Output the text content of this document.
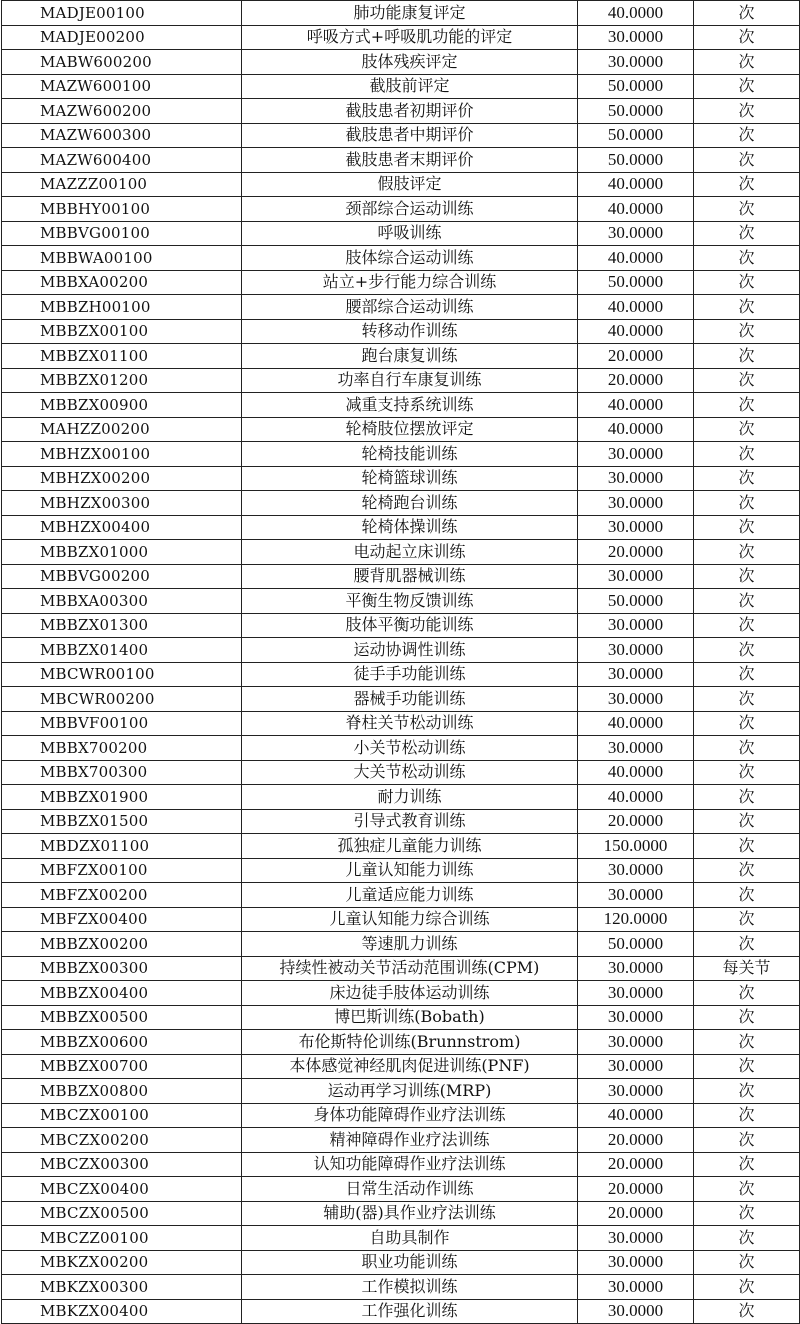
MADJE00100	肺功能康复评定	40.0000	次
MADJE00200	呼吸方式+呼吸肌功能的评定	30.0000	次
MABW600200	肢体残疾评定	30.0000	次
MAZW600100	截肢前评定	50.0000	次
MAZW600200	截肢患者初期评价	50.0000	次
MAZW600300	截肢患者中期评价	50.0000	次
MAZW600400	截肢患者末期评价	50.0000	次
MAZZZ00100	假肢评定	40.0000	次
MBBHY00100	颈部综合运动训练	40.0000	次
MBBVG00100	呼吸训练	30.0000	次
MBBWA00100	肢体综合运动训练	40.0000	次
MBBXA00200	站立+步行能力综合训练	50.0000	次
MBBZH00100	腰部综合运动训练	40.0000	次
MBBZX00100	转移动作训练	40.0000	次
MBBZX01100	跑台康复训练	20.0000	次
MBBZX01200	功率自行车康复训练	20.0000	次
MBBZX00900	减重支持系统训练	40.0000	次
MAHZZ00200	轮椅肢位摆放评定	40.0000	次
MBHZX00100	轮椅技能训练	30.0000	次
MBHZX00200	轮椅篮球训练	30.0000	次
MBHZX00300	轮椅跑台训练	30.0000	次
MBHZX00400	轮椅体操训练	30.0000	次
MBBZX01000	电动起立床训练	20.0000	次
MBBVG00200	腰背肌器械训练	30.0000	次
MBBXA00300	平衡生物反馈训练	50.0000	次
MBBZX01300	肢体平衡功能训练	30.0000	次
MBBZX01400	运动协调性训练	30.0000	次
MBCWR00100	徒手手功能训练	30.0000	次
MBCWR00200	器械手功能训练	30.0000	次
MBBVF00100	脊柱关节松动训练	40.0000	次
MBBX700200	小关节松动训练	30.0000	次
MBBX700300	大关节松动训练	40.0000	次
MBBZX01900	耐力训练	40.0000	次
MBBZX01500	引导式教育训练	20.0000	次
MBDZX01100	孤独症儿童能力训练	150.0000	次
MBFZX00100	儿童认知能力训练	30.0000	次
MBFZX00200	儿童适应能力训练	30.0000	次
MBFZX00400	儿童认知能力综合训练	120.0000	次
MBBZX00200	等速肌力训练	50.0000	次
MBBZX00300	持续性被动关节活动范围训练(CPM)	30.0000	每关节
MBBZX00400	床边徒手肢体运动训练	30.0000	次
MBBZX00500	博巴斯训练(Bobath)	30.0000	次
MBBZX00600	布伦斯特伦训练(Brunnstrom)	30.0000	次
MBBZX00700	本体感觉神经肌肉促进训练(PNF)	30.0000	次
MBBZX00800	运动再学习训练(MRP)	30.0000	次
MBCZX00100	身体功能障碍作业疗法训练	40.0000	次
MBCZX00200	精神障碍作业疗法训练	20.0000	次
MBCZX00300	认知功能障碍作业疗法训练	20.0000	次
MBCZX00400	日常生活动作训练	20.0000	次
MBCZX00500	辅助(器)具作业疗法训练	20.0000	次
MBCZZ00100	自助具制作	30.0000	次
MBKZX00200	职业功能训练	30.0000	次
MBKZX00300	工作模拟训练	30.0000	次
MBKZX00400	工作强化训练	30.0000	次
